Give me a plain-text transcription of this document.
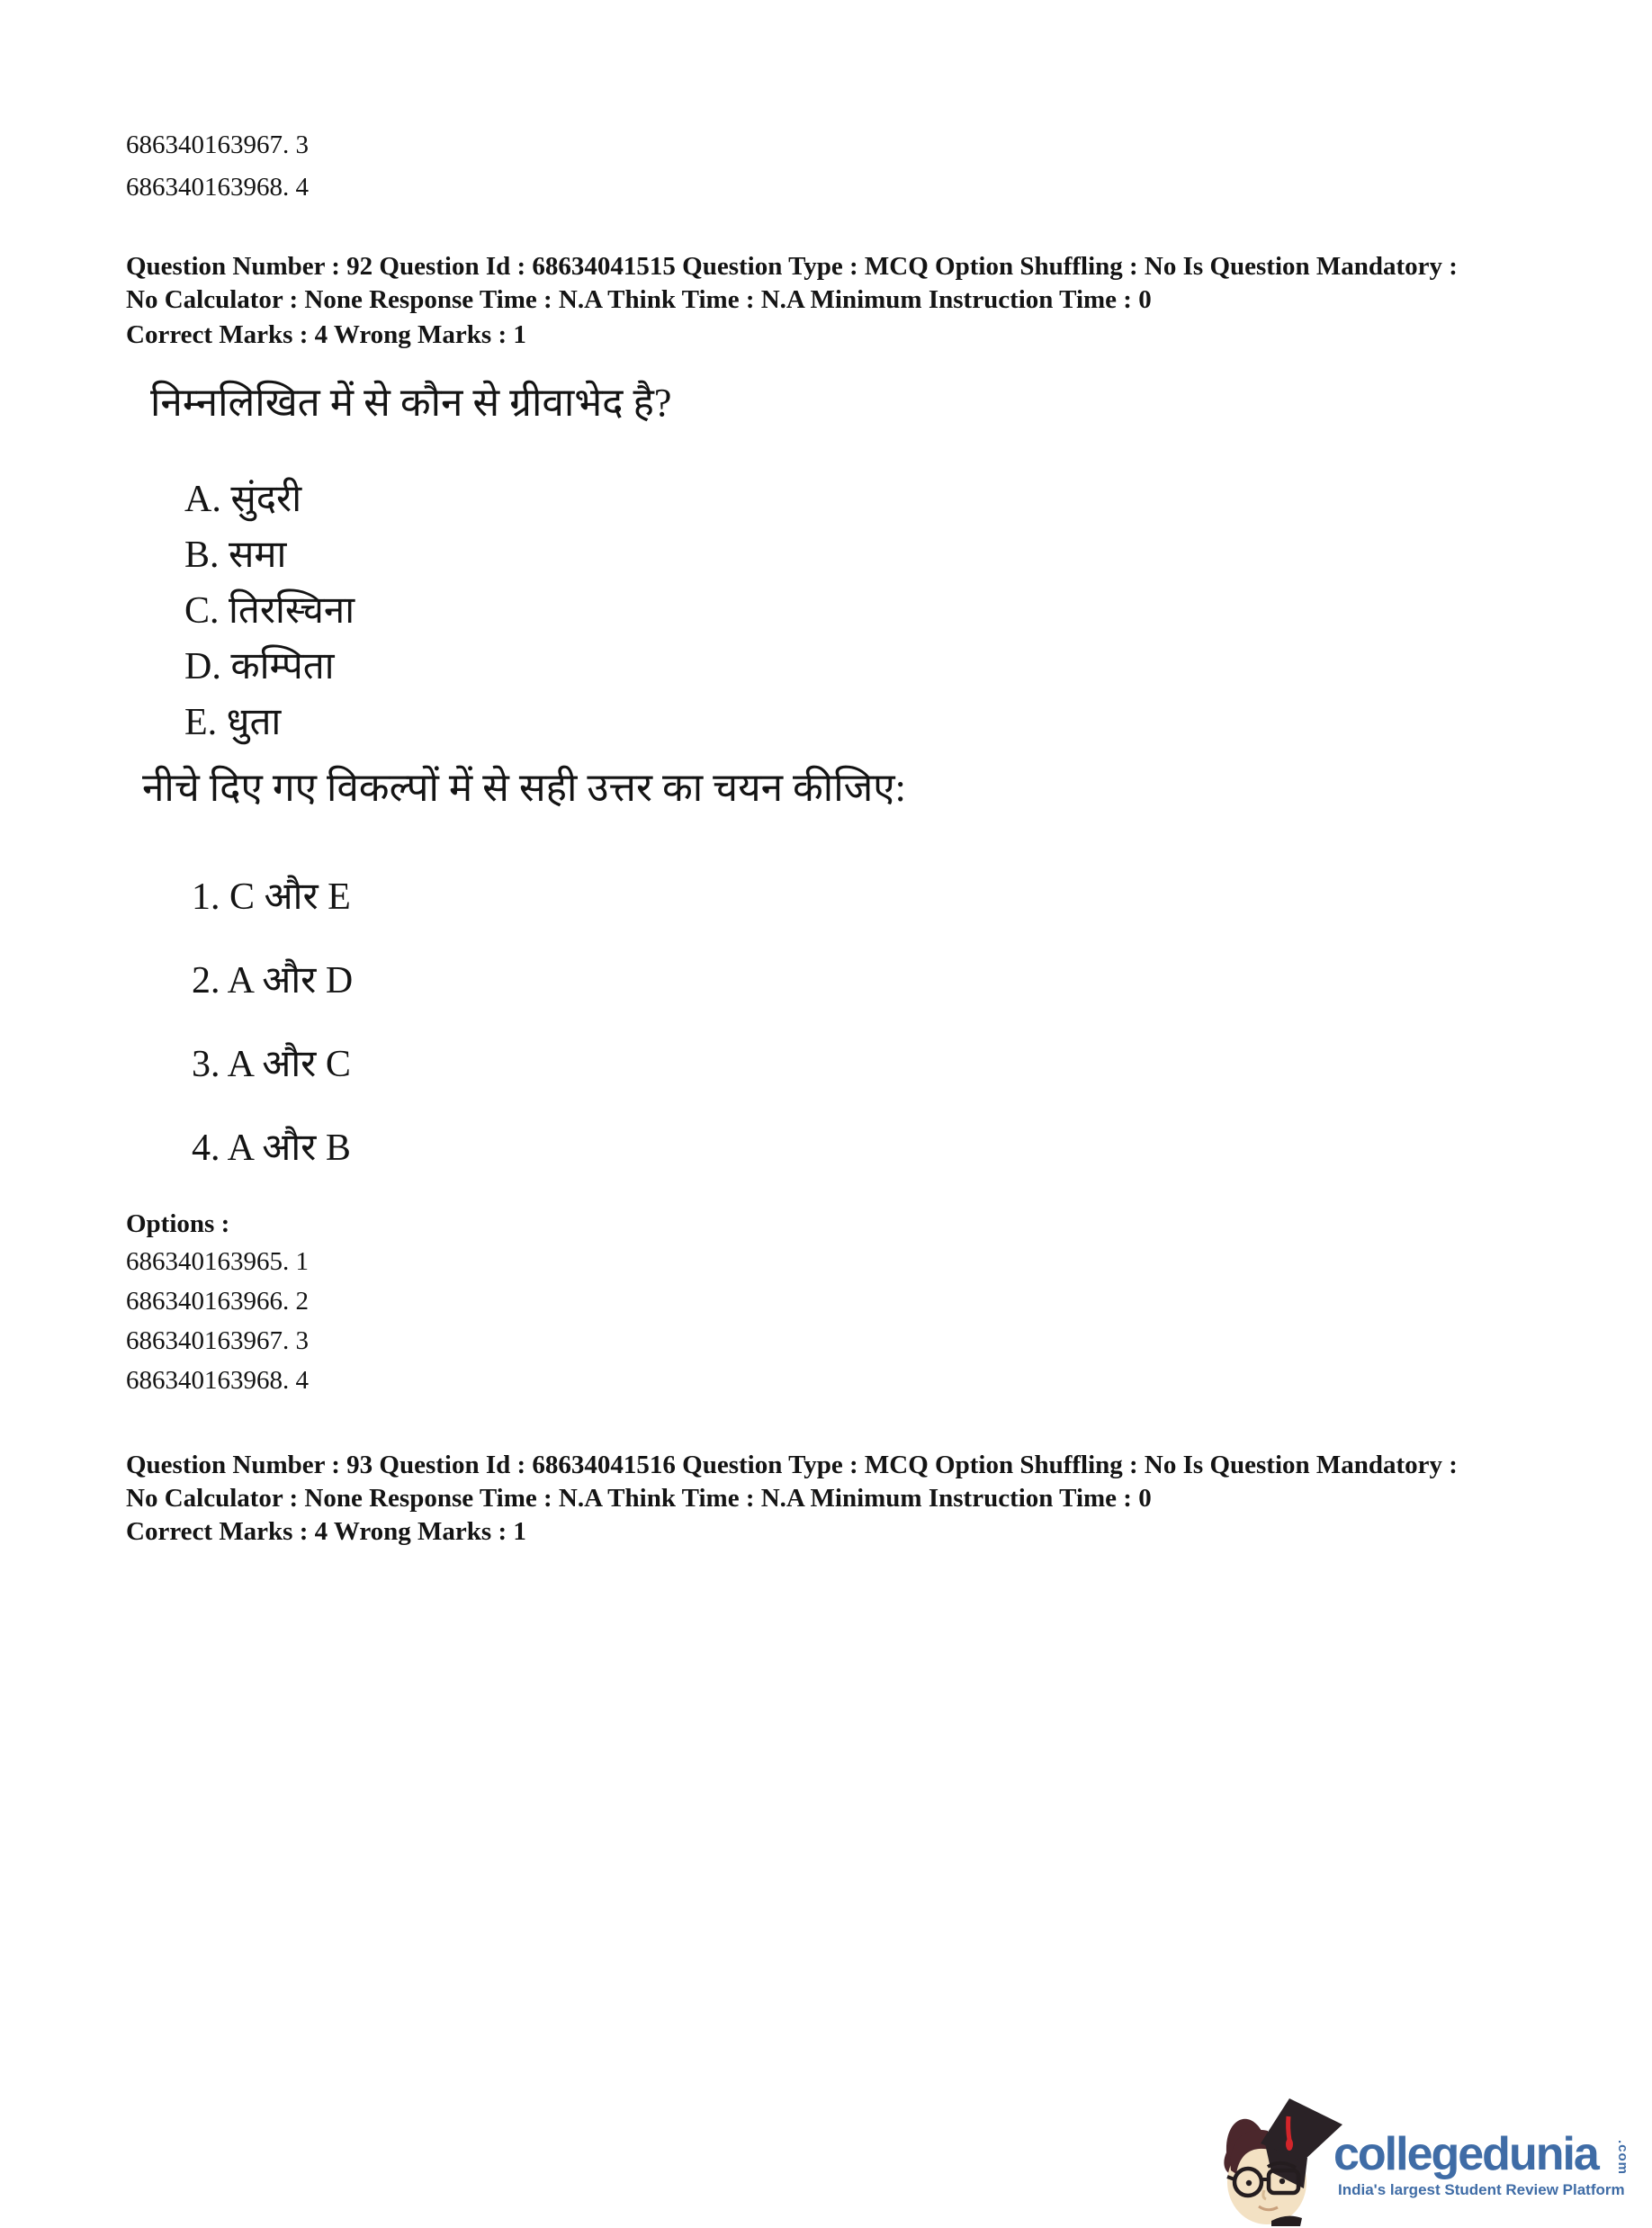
686340163967. 3
686340163968. 4
Question Number : 92 Question Id : 68634041515 Question Type : MCQ Option Shuffling : No Is Question Mandatory :
No Calculator : None Response Time : N.A Think Time : N.A Minimum Instruction Time : 0
Correct Marks : 4 Wrong Marks : 1
निम्नलिखित में से कौन से ग्रीवाभेद है?
A. सुंदरी
B. समा
C. तिरस्चिना
D. कम्पिता
E. धुता
नीचे दिए गए विकल्पों में से सही उत्तर का चयन कीजिए:
1. C और E
2. A और D
3. A और C
4. A और B
Options :
686340163965. 1
686340163966. 2
686340163967. 3
686340163968. 4
Question Number : 93 Question Id : 68634041516 Question Type : MCQ Option Shuffling : No Is Question Mandatory :
No Calculator : None Response Time : N.A Think Time : N.A Minimum Instruction Time : 0
Correct Marks : 4 Wrong Marks : 1
collegedunia .com
India's largest Student Review Platform
